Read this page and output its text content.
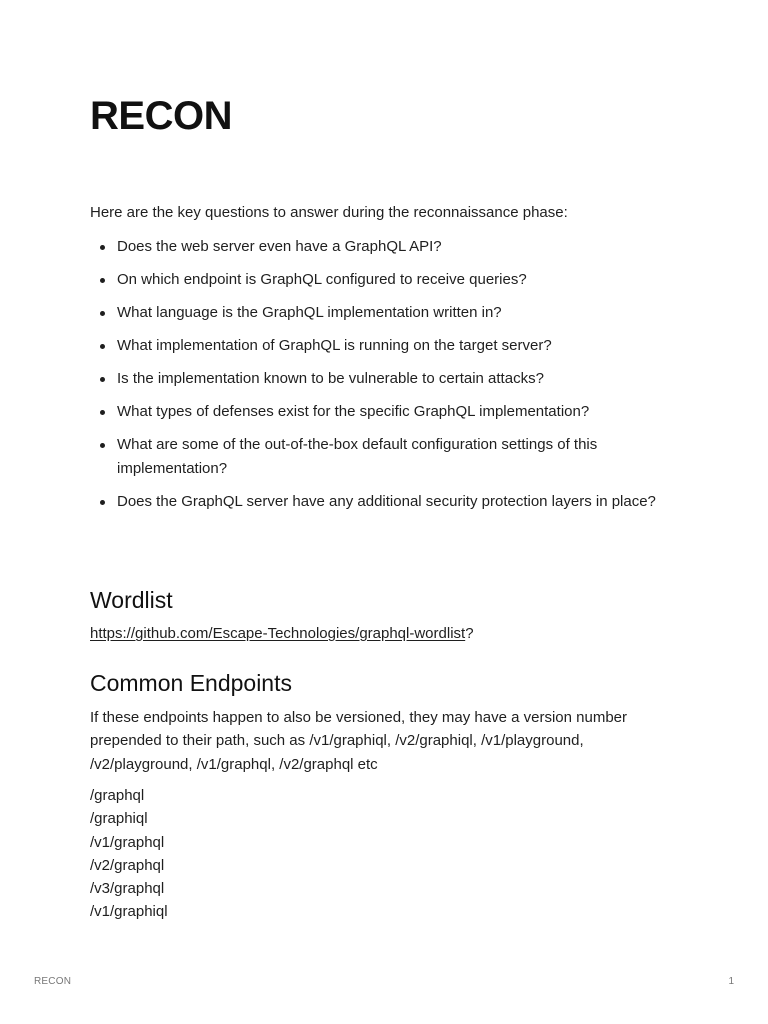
RECON

Here are the key questions to answer during the reconnaissance phase:

Does the web server even have a GraphQL API?
On which endpoint is GraphQL configured to receive queries?
What language is the GraphQL implementation written in?
What implementation of GraphQL is running on the target server?
Is the implementation known to be vulnerable to certain attacks?
What types of defenses exist for the specific GraphQL implementation?
What are some of the out-of-the-box default configuration settings of this implementation?
Does the GraphQL server have any additional security protection layers in place?
Wordlist

https://github.com/Escape-Technologies/graphql-wordlist?

Common Endpoints

If these endpoints happen to also be versioned, they may have a version number prepended to their path, such as /v1/graphiql, /v2/graphiql, /v1/playground, /v2/playground, /v1/graphql, /v2/graphql etc

/graphql
/graphiql
/v1/graphql
/v2/graphql
/v3/graphql
/v1/graphiql
RECON	1
